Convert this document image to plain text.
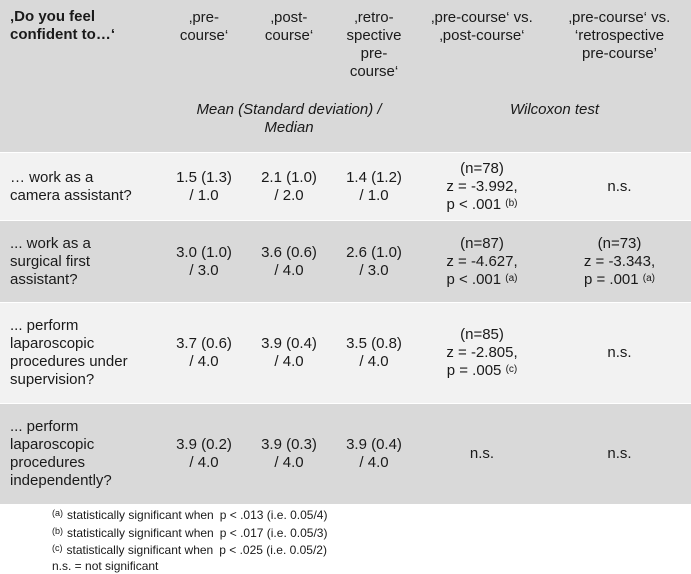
‚Do you feel
confident to…‘
‚pre-
course‘
‚post-
course‘
‚retro-
spective
pre-
course‘
‚pre-course‘ vs.
‚post-course‘
‚pre-course‘ vs.
‘retrospective
pre-course’
Mean (Standard deviation) /
Median
Wilcoxon test
… work as a
camera assistant?
1.5 (1.3)
/ 1.0
2.1 (1.0)
/ 2.0
1.4 (1.2)
/ 1.0
(n=78)
z = -3.992,
p < .001 $^{(b)}$
n.s.
... work as a
surgical first
assistant?
3.0 (1.0)
/ 3.0
3.6 (0.6)
/ 4.0
2.6 (1.0)
/ 3.0
(n=87)
z = -4.627,
p < .001 $^{(a)}$
(n=73)
z = -3.343,
p = .001 $^{(a)}$
... perform
laparoscopic
procedures under
supervision?
3.7 (0.6)
/ 4.0
3.9 (0.4)
/ 4.0
3.5 (0.8)
/ 4.0
(n=85)
z = -2.805,
p = .005 $^{(c)}$
n.s.
... perform
laparoscopic
procedures
independently?
3.9 (0.2)
/ 4.0
3.9 (0.3)
/ 4.0
3.9 (0.4)
/ 4.0
n.s.	n.s.
$^{(a)}$ statistically significant when p < .013 (i.e. 0.05/4)
$^{(b)}$ statistically significant when p < .017 (i.e. 0.05/3)
$^{(c)}$ statistically significant when p < .025 (i.e. 0.05/2)
n.s. = not significant
